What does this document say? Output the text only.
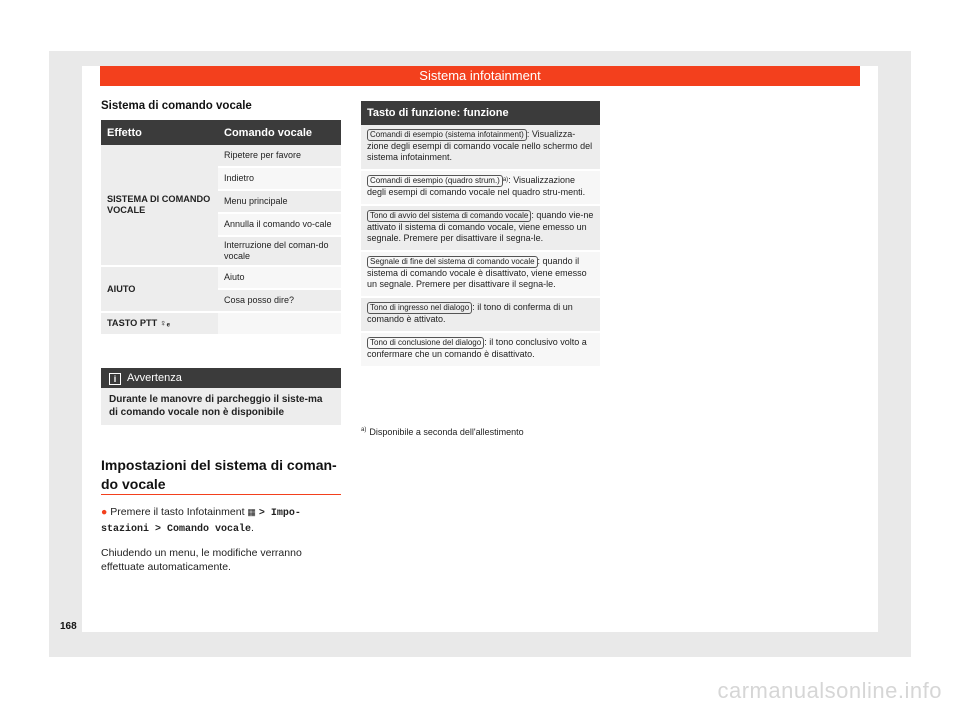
Sistema infotainment
Sistema di comando vocale
Effetto	Comando vocale
SISTEMA DI COMANDO VOCALE	Ripetere per favore
	Indietro
	Menu principale
	Annulla il comando vo-cale
	Interruzione del coman-do vocale
AIUTO	Aiuto
	Cosa posso dire?
TASTO PTT ♀ₑ	
i Avvertenza
Durante le manovre di parcheggio il siste-ma di comando vocale non è disponibile
Impostazioni del sistema di coman-do vocale
● Premere il tasto Infotainment ▦ > Impo-stazioni > Comando vocale.
Chiudendo un menu, le modifiche verranno effettuate automaticamente.
168
Tasto di funzione: funzione
Comandi di esempio (sistema infotainment) : Visualizza-zione degli esempi di comando vocale nello schermo del sistema infotainment.
Comandi di esempio (quadro strum.) $^{a)}$: Visualizzazione degli esempi di comando vocale nel quadro stru-menti.
Tono di avvio del sistema di comando vocale : quando vie-ne attivato il sistema di comando vocale, viene emesso un segnale. Premere per disattivare il segna-le.
Segnale di fine del sistema di comando vocale : quando il sistema di comando vocale è disattivato, viene emesso un segnale. Premere per disattivare il segna-le.
Tono di ingresso nel dialogo : il tono di conferma di un comando è attivato.
Tono di conclusione del dialogo : il tono conclusivo volto a confermare che un comando è disattivato.
$^{a)}$ Disponibile a seconda dell'allestimento
carmanualsonline.info
